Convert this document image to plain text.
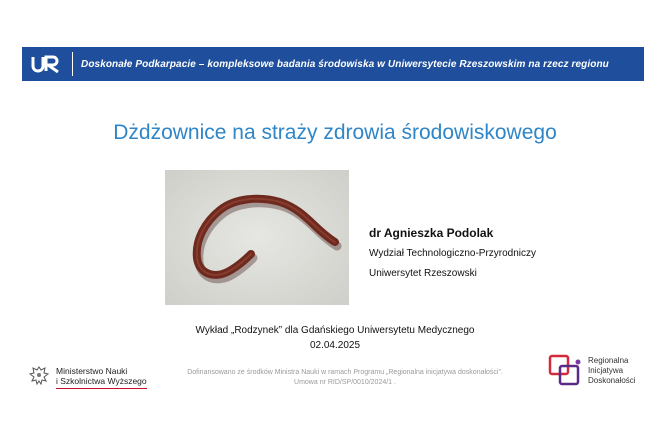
Doskonałe Podkarpacie – kompleksowe badania środowiska w Uniwersytecie Rzeszowskim na rzecz regionu
Dżdżownice na straży zdrowia środowiskowego
dr Agnieszka Podolak
Wydział Technologiczno-Przyrodniczy
Uniwersytet Rzeszowski
Wykład „Rodzynek” dla Gdańskiego Uniwersytetu Medycznego
02.04.2025
Ministerstwo Nauki
i Szkolnictwa Wyższego
Dofinansowano ze środków Ministra Nauki w ramach Programu „Regionalna inicjatywa doskonałości”.
Umowa nr RID/SP/0010/2024/1 .
Regionalna
Inicjatywa
Doskonałości
